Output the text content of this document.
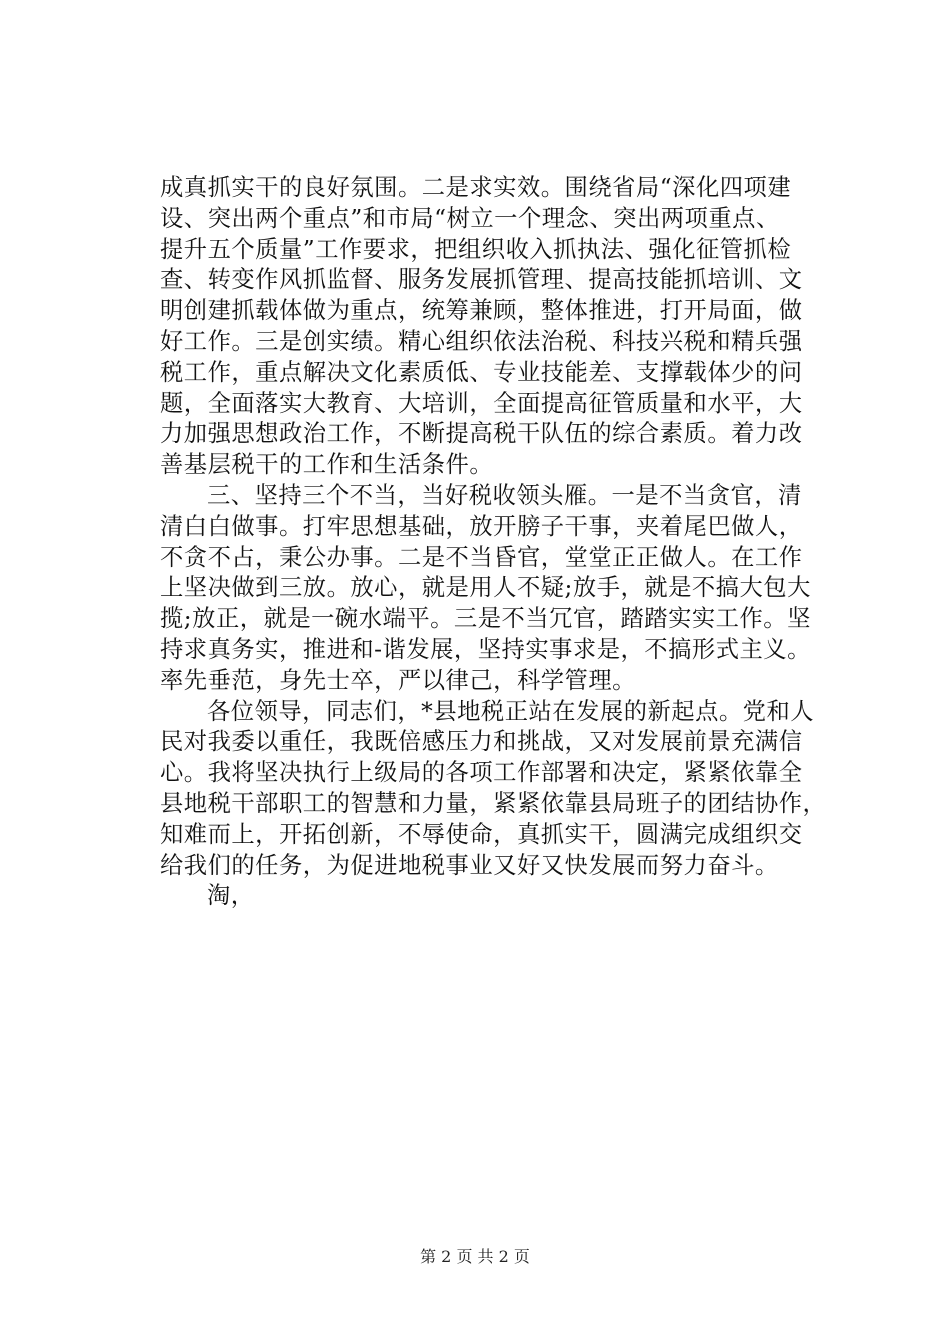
成真抓实干的良好氛围。二是求实效。围绕省局“深化四项建
设、突出两个重点”和市局“树立一个理念、突出两项重点、
提升五个质量”工作要求，把组织收入抓执法、强化征管抓检
查、转变作风抓监督、服务发展抓管理、提高技能抓培训、文
明创建抓载体做为重点，统筹兼顾，整体推进，打开局面，做
好工作。三是创实绩。精心组织依法治税、科技兴税和精兵强
税工作，重点解决文化素质低、专业技能差、支撑载体少的问
题，全面落实大教育、大培训，全面提高征管质量和水平，大
力加强思想政治工作，不断提高税干队伍的综合素质。着力改
善基层税干的工作和生活条件。
三、坚持三个不当，当好税收领头雁。一是不当贪官，清
清白白做事。打牢思想基础，放开膀子干事，夹着尾巴做人，
不贪不占，秉公办事。二是不当昏官，堂堂正正做人。在工作
上坚决做到三放。放心，就是用人不疑;放手，就是不搞大包大
揽;放正，就是一碗水端平。三是不当冗官，踏踏实实工作。坚
持求真务实，推进和-谐发展，坚持实事求是，不搞形式主义。
率先垂范，身先士卒，严以律己，科学管理。
各位领导，同志们，*县地税正站在发展的新起点。党和人
民对我委以重任，我既倍感压力和挑战，又对发展前景充满信
心。我将坚决执行上级局的各项工作部署和决定，紧紧依靠全
县地税干部职工的智慧和力量，紧紧依靠县局班子的团结协作，
知难而上，开拓创新，不辱使命，真抓实干，圆满完成组织交
给我们的任务，为促进地税事业又好又快发展而努力奋斗。
淘，
第 2 页 共 2 页
